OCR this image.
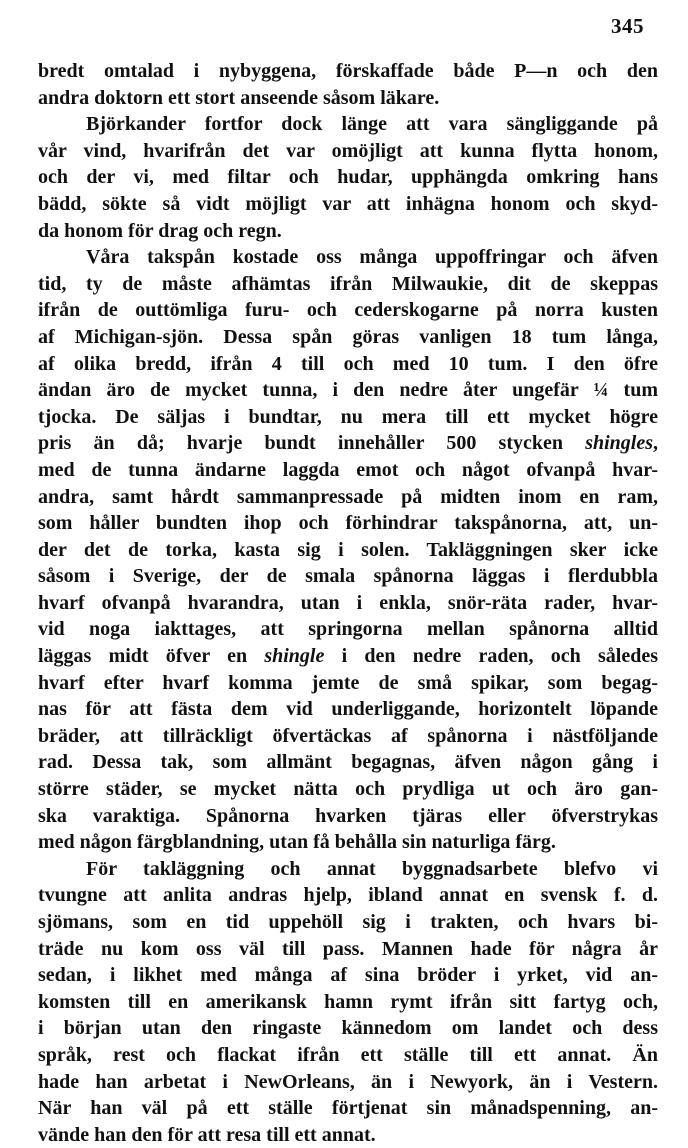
345
bredt omtalad i nybyggena, förskaffade både P—n och den
andra doktorn ett stort anseende såsom läkare.
Björkander fortfor dock länge att vara sängliggande på
vår vind, hvarifrån det var omöjligt att kunna flytta honom,
och der vi, med filtar och hudar, upphängda omkring hans
bädd, sökte så vidt möjligt var att inhägna honom och skyd-
da honom för drag och regn.
Våra takspån kostade oss många uppoffringar och äfven
tid, ty de måste afhämtas ifrån Milwaukie, dit de skeppas
ifrån de outtömliga furu- och cederskogarne på norra kusten
af Michigan-sjön. Dessa spån göras vanligen 18 tum långa,
af olika bredd, ifrån 4 till och med 10 tum. I den öfre
ändan äro de mycket tunna, i den nedre åter ungefär ¼ tum
tjocka. De säljas i bundtar, nu mera till ett mycket högre
pris än då; hvarje bundt innehåller 500 stycken shingles,
med de tunna ändarne laggda emot och något ofvanpå hvar-
andra, samt hårdt sammanpressade på midten inom en ram,
som håller bundten ihop och förhindrar takspånorna, att, un-
der det de torka, kasta sig i solen. Takläggningen sker icke
såsom i Sverige, der de smala spånorna läggas i flerdubbla
hvarf ofvanpå hvarandra, utan i enkla, snör-räta rader, hvar-
vid noga iakttages, att springorna mellan spånorna alltid
läggas midt öfver en shingle i den nedre raden, och således
hvarf efter hvarf komma jemte de små spikar, som begag-
nas för att fästa dem vid underliggande, horizontelt löpande
bräder, att tillräckligt öfvertäckas af spånorna i nästföljande
rad. Dessa tak, som allmänt begagnas, äfven någon gång i
större städer, se mycket nätta och prydliga ut och äro gan-
ska varaktiga. Spånorna hvarken tjäras eller öfverstrykas
med någon färgblandning, utan få behålla sin naturliga färg.
För takläggning och annat byggnadsarbete blefvo vi
tvungne att anlita andras hjelp, ibland annat en svensk f. d.
sjömans, som en tid uppehöll sig i trakten, och hvars bi-
träde nu kom oss väl till pass. Mannen hade för några år
sedan, i likhet med många af sina bröder i yrket, vid an-
komsten till en amerikansk hamn rymt ifrån sitt fartyg och,
i början utan den ringaste kännedom om landet och dess
språk, rest och flackat ifrån ett ställe till ett annat. Än
hade han arbetat i NewOrleans, än i Newyork, än i Vestern.
När han väl på ett ställe förtjenat sin månadspenning, an-
vände han den för att resa till ett annat.
